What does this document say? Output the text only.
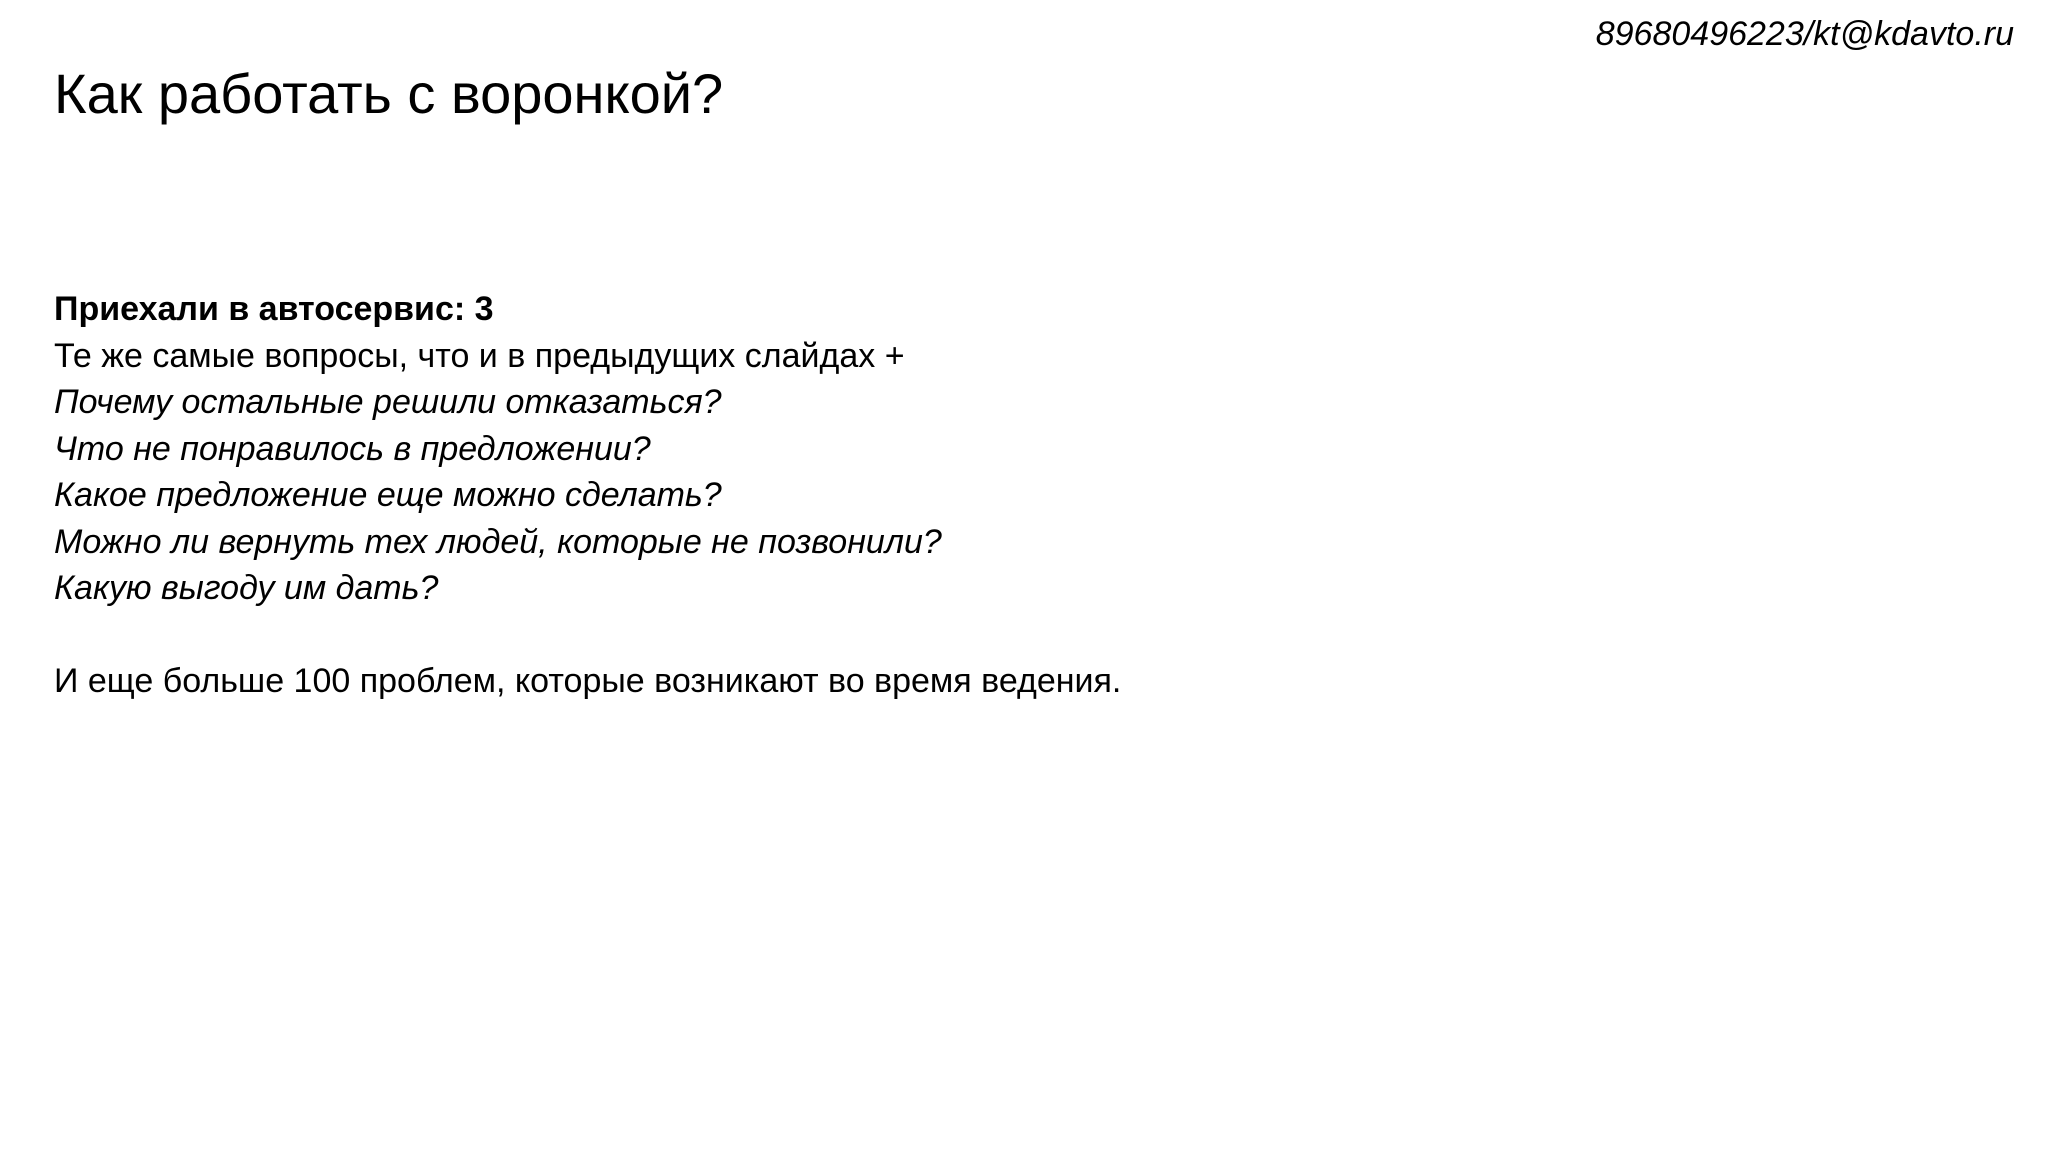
89680496223/kt@kdavto.ru
Как работать с воронкой?
Приехали в автосервис: 3
Те же самые вопросы, что и в предыдущих слайдах +
Почему остальные решили отказаться?
Что не понравилось в предложении?
Какое предложение еще можно сделать?
Можно ли вернуть тех людей, которые не позвонили?
Какую выгоду им дать?
И еще больше 100 проблем, которые возникают во время ведения.
